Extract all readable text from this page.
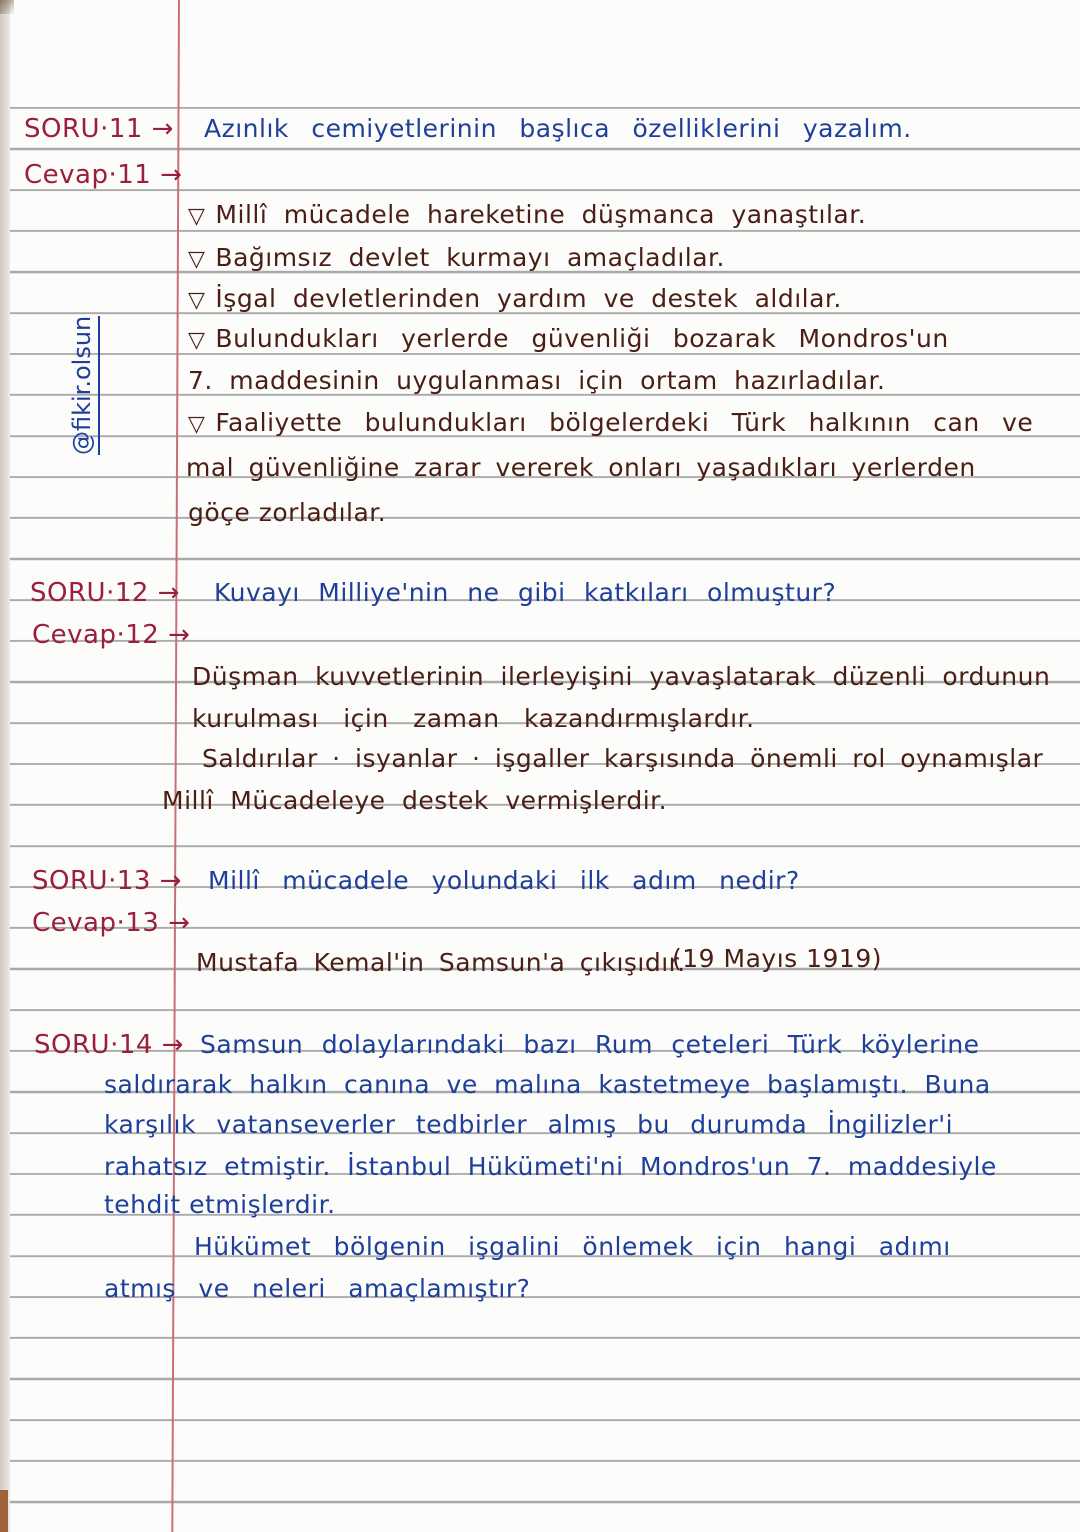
@fikir.olsun
SORU·11 → Azınlık cemiyetlerinin başlıca özelliklerini yazalım.
Cevap·11 →
▽ Millî mücadele hareketine düşmanca yanaştılar.
▽ Bağımsız devlet kurmayı amaçladılar.
▽ İşgal devletlerinden yardım ve destek aldılar.
▽ Bulundukları yerlerde güvenliği bozarak Mondros'un
7. maddesinin uygulanması için ortam hazırladılar.
▽ Faaliyette bulundukları bölgelerdeki Türk halkının can ve
mal güvenliğine zarar vererek onları yaşadıkları yerlerden
göçe zorladılar.
SORU·12 → Kuvayı Milliye'nin ne gibi katkıları olmuştur?
Cevap·12 →
Düşman kuvvetlerinin ilerleyişini yavaşlatarak düzenli ordunun
kurulması için zaman kazandırmışlardır.
Saldırılar · isyanlar · işgaller karşısında önemli rol oynamışlar
Millî Mücadeleye destek vermişlerdir.
SORU·13 → Millî mücadele yolundaki ilk adım nedir?
Cevap·13 →
Mustafa Kemal'in Samsun'a çıkışıdır.
(19 Mayıs 1919)
SORU·14 → Samsun dolaylarındaki bazı Rum çeteleri Türk köylerine
saldırarak halkın canına ve malına kastetmeye başlamıştı. Buna
karşılık vatanseverler tedbirler almış bu durumda İngilizler'i
rahatsız etmiştir. İstanbul Hükümeti'ni Mondros'un 7. maddesiyle
tehdit etmişlerdir.
Hükümet bölgenin işgalini önlemek için hangi adımı
atmış ve neleri amaçlamıştır?
